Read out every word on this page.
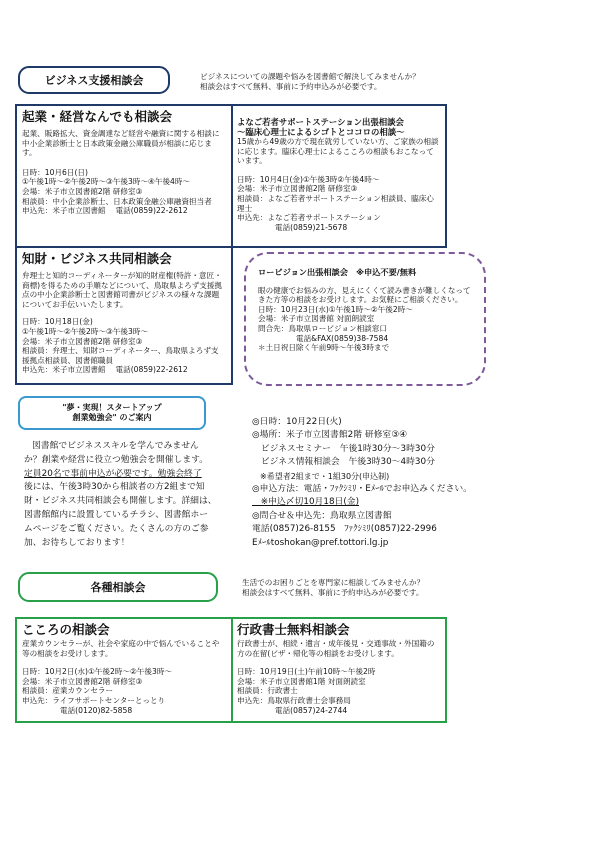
ビジネス支援相談会	ビジネスについての課題や悩みを図書館で解決してみませんか？
相談会はすべて無料、事前に予約申込みが必要です。
起業・経営なんでも相談会
起業、販路拡大、資金調達など経営や融資に関する相談に中小企業診断士と日本政策金融公庫職員が相談に応じます。
日時：10月6日(日)
①午後1時～②午後2時～③午後3時～④午後4時～
会場：米子市立図書館2階 研修室③
相談員：中小企業診断士、日本政策金融公庫融資担当者
申込先：米子市立図書館　 電話(0859)22-2612
よなご若者サポートステーション出張相談会
～臨床心理士によるシゴトとココロの相談～
15歳から49歳の方で現在就労していない方、ご家族の相談に応じます。臨床心理士によるこころの相談もおこなっています。
日時：10月4日(金)①午後3時②午後4時～
会場：米子市立図書館2階 研修室③
相談員：よなご若者サポートステーション相談員、臨床心理士
申込先：よなご若者サポートステーション
電話(0859)21-5678
知財・ビジネス共同相談会
弁理士と知的コーディネーターが知的財産権(特許・意匠・商標)を得るための手順などについて、鳥取県よろず支援拠点の中小企業診断士と図書館司書がビジネスの様々な課題についてお手伝いいたします。
日時：10月18日(金)
①午後1時～②午後2時～③午後3時～
会場：米子市立図書館2階 研修室③
相談員：弁理士、知財コーディネーター、鳥取県よろず支援拠点相談員、図書館職員
申込先：米子市立図書館　 電話(0859)22-2612
ロービジョン出張相談会　※申込不要/無料
眼の健康でお悩みの方、見えにくくて読み書きが難しくなってきた方等の相談をお受けします。お気軽にご相談ください。
日時：10月23日(水)①午後1時～②午後2時～
会場：米子市立図書館 対面朗読室
問合先：鳥取県ロービジョン相談窓口
電話&FAX(0859)38-7584
＊土日祝日除く午前9時～午後3時まで
"夢・実現！スタートアップ
創業勉強会" のご案内
図書館でビジネススキルを学んでみません
か？創業や経営に役立つ勉強会を開催します。
定員20名で事前申込が必要です。勉強会終了
後には、午後3時30から相談者の方2組まで知
財・ビジネス共同相談会も開催します。詳細は、
図書館館内に設置しているチラシ、図書館ホー
ムページをご覧ください。たくさんの方のご参
加、お待ちしております！
◎日時：10月22日(火)
◎場所：米子市立図書館2階 研修室③④
　ビジネスセミナー　午後1時30分～3時30分
　ビジネス情報相談会　午後3時30～4時30分
　※希望者2組まで・1組30分(申込制)
◎申込方法：電話・ﾌｧｸｼﾐﾘ・Eﾒｰﾙでお申込みください。
　※申込〆切10月18日(金)
◎問合せ＆申込先：鳥取県立図書館
電話(0857)26-8155　ﾌｧｸｼﾐﾘ(0857)22-2996
Eﾒｰﾙtoshokan@pref.tottori.lg.jp
各種相談会	生活でのお困りごとを専門家に相談してみませんか？
相談会はすべて無料、事前に予約申込みが必要です。
こころの相談会
産業カウンセラーが、社会や家庭の中で悩んでいることや等の相談をお受けします。
日時：10月2日(水)①午後2時～②午後3時～
会場：米子市立図書館2階 研修室③
相談員：産業カウンセラー
申込先：ライフサポートセンターとっとり
電話(0120)82-5858
行政書士無料相談会
行政書士が、相続・遺言・成年後見・交通事故・外国籍の方の在留(ビザ・帰化等の相談をお受けします。
日時：10月19日(土)午前10時～午後2時
会場：米子市立図書館1階 対面朗読室
相談員：行政書士
申込先：鳥取県行政書士会事務局
電話(0857)24-2744
